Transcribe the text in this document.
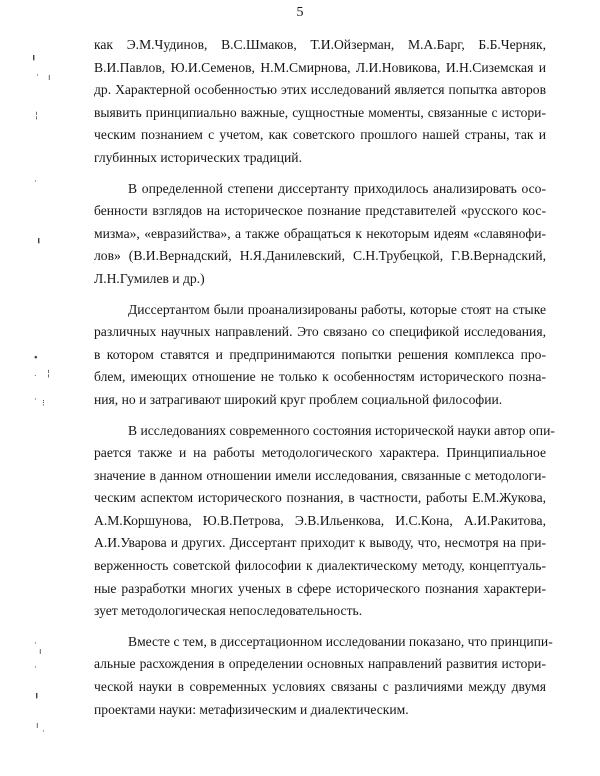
5
╻
· ı
¦
·
╻
∙
˙
¦
· ⁝
·
ı
·
╻
ı
·
как Э.М.Чудинов, В.С.Шмаков, Т.И.Ойзерман, М.А.Барг, Б.Б.Черняк,
В.И.Павлов, Ю.И.Семенов, Н.М.Смирнова, Л.И.Новикова, И.Н.Сиземская и
др. Характерной особенностью этих исследований является попытка авторов
выявить принципиально важные, сущностные моменты, связанные с истори-
ческим познанием с учетом, как советского прошлого нашей страны, так и
глубинных исторических традиций.
В определенной степени диссертанту приходилось анализировать осо-
бенности взглядов на историческое познание представителей «русского кос-
мизма», «евразийства», а также обращаться к некоторым идеям «славянофи-
лов» (В.И.Вернадский, Н.Я.Данилевский, С.Н.Трубецкой, Г.В.Вернадский,
Л.Н.Гумилев и др.)
Диссертантом были проанализированы работы, которые стоят на стыке
различных научных направлений. Это связано со спецификой исследования,
в котором ставятся и предпринимаются попытки решения комплекса про-
блем, имеющих отношение не только к особенностям исторического позна-
ния, но и затрагивают широкий круг проблем социальной философии.
В исследованиях современного состояния исторической науки автор опи-
рается также и на работы методологического характера. Принципиальное
значение в данном отношении имели исследования, связанные с методологи-
ческим аспектом исторического познания, в частности, работы Е.М.Жукова,
А.М.Коршунова, Ю.В.Петрова, Э.В.Ильенкова, И.С.Кона, А.И.Ракитова,
А.И.Уварова и других. Диссертант приходит к выводу, что, несмотря на при-
верженность советской философии к диалектическому методу, концептуаль-
ные разработки многих ученых в сфере исторического познания характери-
зует методологическая непоследовательность.
Вместе с тем, в диссертационном исследовании показано, что принципи-
альные расхождения в определении основных направлений развития истори-
ческой науки в современных условиях связаны с различиями между двумя
проектами науки: метафизическим и диалектическим.
